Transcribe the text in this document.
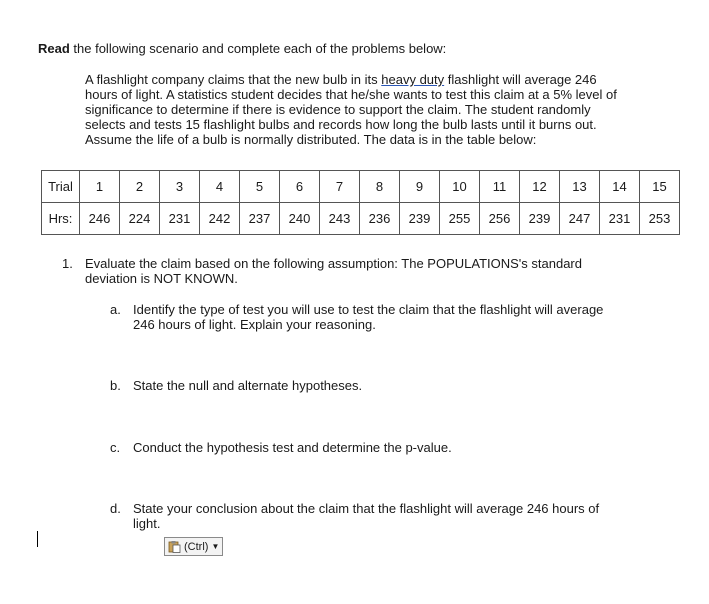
Read the following scenario and complete each of the problems below:
A flashlight company claims that the new bulb in its heavy duty flashlight will average 246 hours of light. A statistics student decides that he/she wants to test this claim at a 5% level of significance to determine if there is evidence to support the claim. The student randomly selects and tests 15 flashlight bulbs and records how long the bulb lasts until it burns out. Assume the life of a bulb is normally distributed. The data is in the table below:
Trial	1	2	3	4	5	6	7	8	9	10	11	12	13	14	15
Hrs:	246	224	231	242	237	240	243	236	239	255	256	239	247	231	253
1. Evaluate the claim based on the following assumption: The POPULATIONS's standard deviation is NOT KNOWN.
a. Identify the type of test you will use to test the claim that the flashlight will average 246 hours of light. Explain your reasoning.
b. State the null and alternate hypotheses.
c. Conduct the hypothesis test and determine the p-value.
d. State your conclusion about the claim that the flashlight will average 246 hours of light.
(Ctrl) ▼
